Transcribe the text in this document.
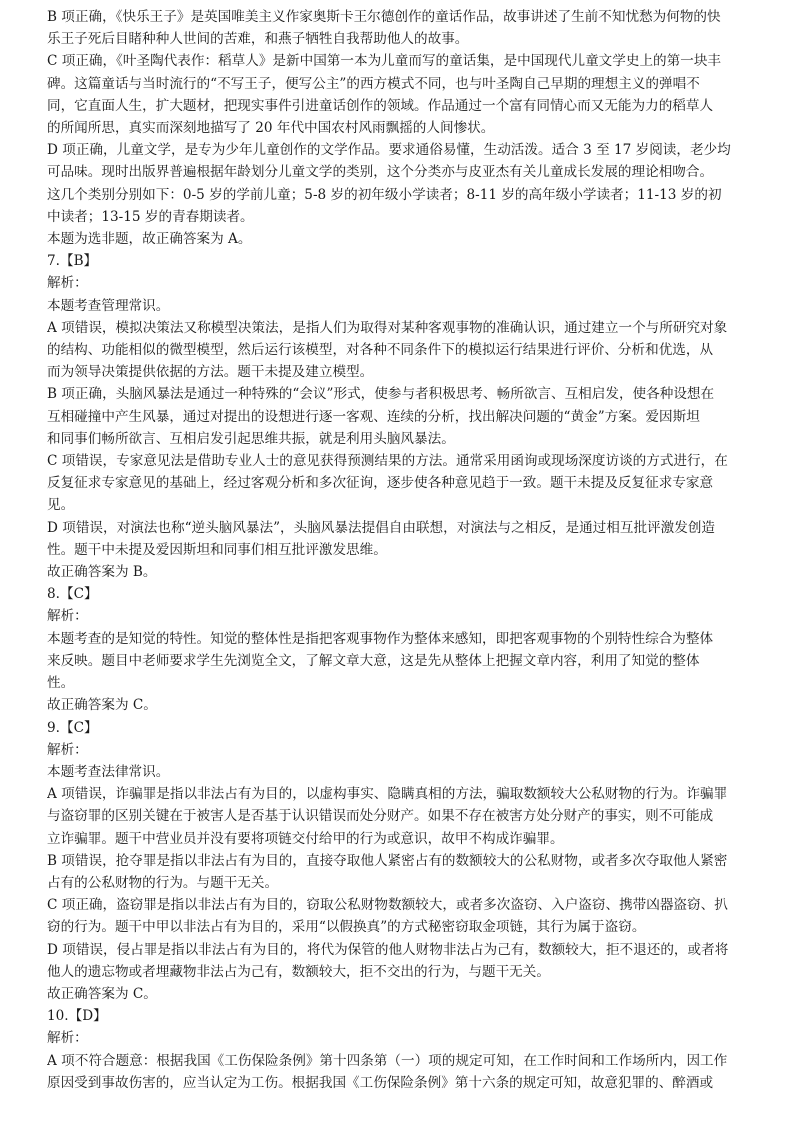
B 项正确，《快乐王子》是英国唯美主义作家奥斯卡王尔德创作的童话作品，故事讲述了生前不知忧愁为何物的快
乐王子死后目睹种种人世间的苦难，和燕子牺牲自我帮助他人的故事。
C 项正确，《叶圣陶代表作：稻草人》是新中国第一本为儿童而写的童话集，是中国现代儿童文学史上的第一块丰
碑。这篇童话与当时流行的“不写王子，便写公主”的西方模式不同，也与叶圣陶自己早期的理想主义的弹唱不
同，它直面人生，扩大题材，把现实事件引进童话创作的领域。作品通过一个富有同情心而又无能为力的稻草人
的所闻所思，真实而深刻地描写了 20 年代中国农村风雨飘摇的人间惨状。
D 项正确，儿童文学，是专为少年儿童创作的文学作品。要求通俗易懂，生动活泼。适合 3 至 17 岁阅读，老少均
可品味。现时出版界普遍根据年龄划分儿童文学的类别，这个分类亦与皮亚杰有关儿童成长发展的理论相吻合。
这几个类别分别如下：0-5 岁的学前儿童；5-8 岁的初年级小学读者；8-11 岁的高年级小学读者；11-13 岁的初
中读者；13-15 岁的青春期读者。
本题为选非题，故正确答案为 A。
7.【B】
解析：
本题考查管理常识。
A 项错误，模拟决策法又称模型决策法，是指人们为取得对某种客观事物的准确认识，通过建立一个与所研究对象
的结构、功能相似的微型模型，然后运行该模型，对各种不同条件下的模拟运行结果进行评价、分析和优选，从
而为领导决策提供依据的方法。题干未提及建立模型。
B 项正确，头脑风暴法是通过一种特殊的“会议”形式，使参与者积极思考、畅所欲言、互相启发，使各种设想在
互相碰撞中产生风暴，通过对提出的设想进行逐一客观、连续的分析，找出解决问题的“黄金”方案。爱因斯坦
和同事们畅所欲言、互相启发引起思维共振，就是利用头脑风暴法。
C 项错误，专家意见法是借助专业人士的意见获得预测结果的方法。通常采用函询或现场深度访谈的方式进行，在
反复征求专家意见的基础上，经过客观分析和多次征询，逐步使各种意见趋于一致。题干未提及反复征求专家意
见。
D 项错误，对演法也称“逆头脑风暴法”，头脑风暴法提倡自由联想，对演法与之相反，是通过相互批评激发创造
性。题干中未提及爱因斯坦和同事们相互批评激发思维。
故正确答案为 B。
8.【C】
解析：
本题考查的是知觉的特性。知觉的整体性是指把客观事物作为整体来感知，即把客观事物的个别特性综合为整体
来反映。题目中老师要求学生先浏览全文，了解文章大意，这是先从整体上把握文章内容，利用了知觉的整体
性。
故正确答案为 C。
9.【C】
解析：
本题考查法律常识。
A 项错误，诈骗罪是指以非法占有为目的，以虚构事实、隐瞒真相的方法，骗取数额较大公私财物的行为。诈骗罪
与盗窃罪的区别关键在于被害人是否基于认识错误而处分财产。如果不存在被害方处分财产的事实，则不可能成
立诈骗罪。题干中营业员并没有要将项链交付给甲的行为或意识，故甲不构成诈骗罪。
B 项错误，抢夺罪是指以非法占有为目的，直接夺取他人紧密占有的数额较大的公私财物，或者多次夺取他人紧密
占有的公私财物的行为。与题干无关。
C 项正确，盗窃罪是指以非法占有为目的，窃取公私财物数额较大，或者多次盗窃、入户盗窃、携带凶器盗窃、扒
窃的行为。题干中甲以非法占有为目的，采用“以假换真”的方式秘密窃取金项链，其行为属于盗窃。
D 项错误，侵占罪是指以非法占有为目的，将代为保管的他人财物非法占为己有，数额较大，拒不退还的，或者将
他人的遗忘物或者埋藏物非法占为己有，数额较大，拒不交出的行为，与题干无关。
故正确答案为 C。
10.【D】
解析：
A 项不符合题意：根据我国《工伤保险条例》第十四条第（一）项的规定可知，在工作时间和工作场所内，因工作
原因受到事故伤害的，应当认定为工伤。根据我国《工伤保险条例》第十六条的规定可知，故意犯罪的、醉酒或
